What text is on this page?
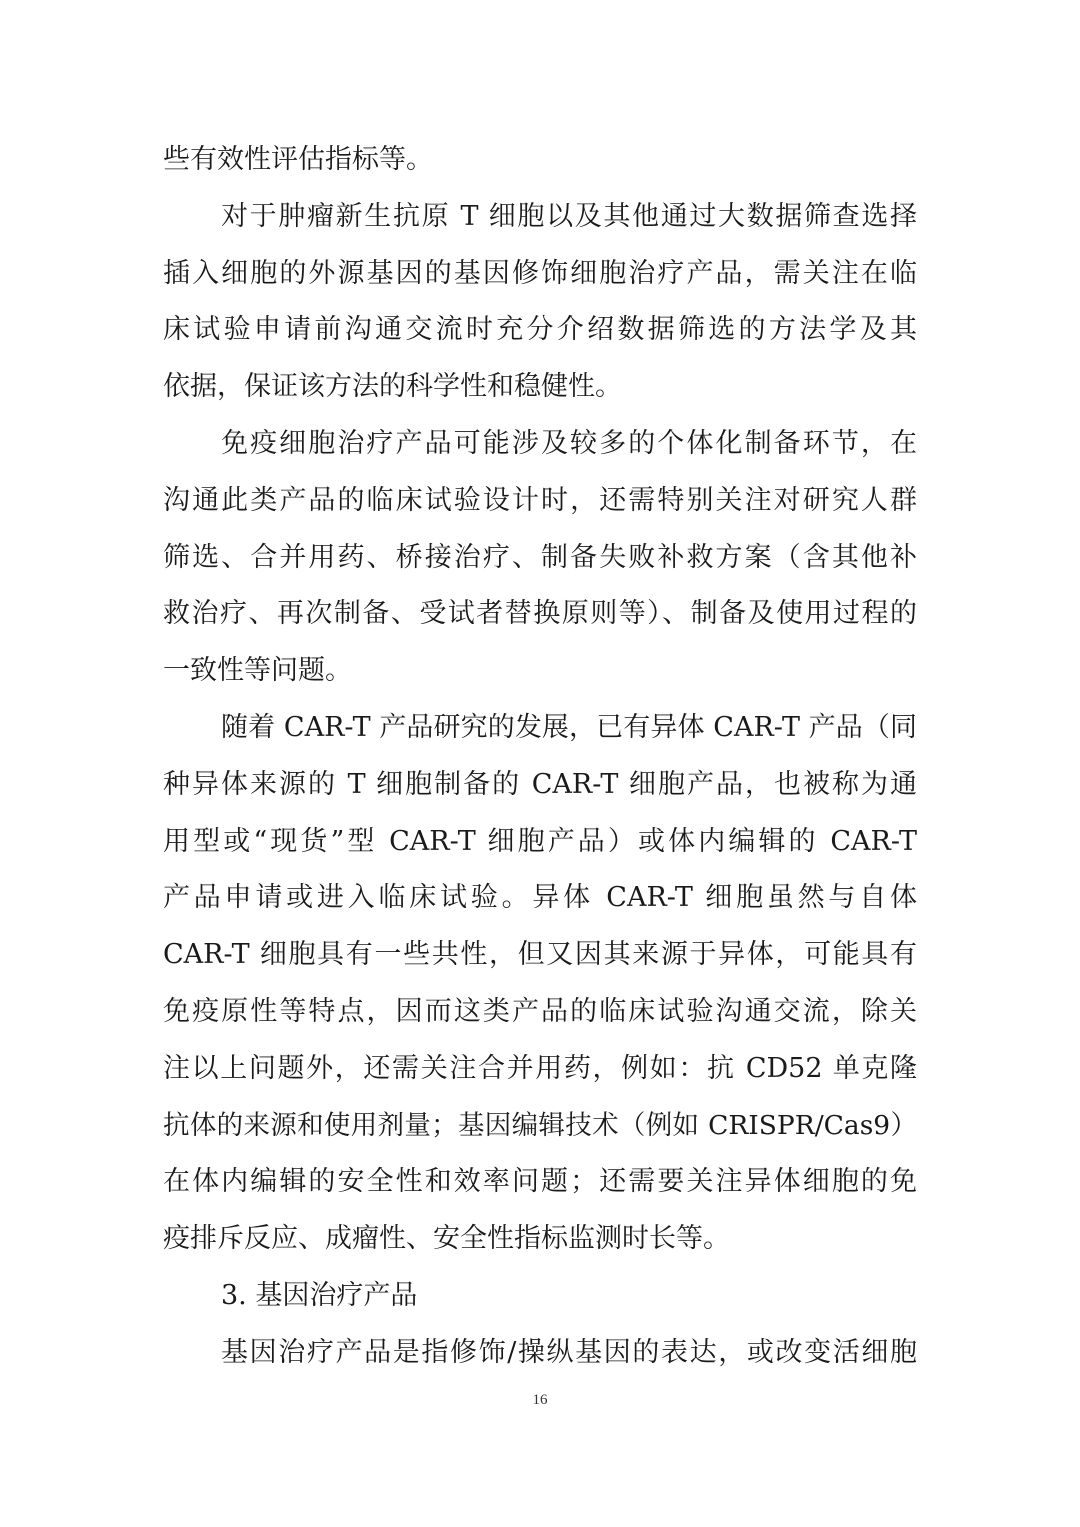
些有效性评估指标等。
对于肿瘤新生抗原 T 细胞以及其他通过大数据筛查选择
插入细胞的外源基因的基因修饰细胞治疗产品，需关注在临
床试验申请前沟通交流时充分介绍数据筛选的方法学及其
依据，保证该方法的科学性和稳健性。
免疫细胞治疗产品可能涉及较多的个体化制备环节，在
沟通此类产品的临床试验设计时，还需特别关注对研究人群
筛选、合并用药、桥接治疗、制备失败补救方案（含其他补
救治疗、再次制备、受试者替换原则等）、制备及使用过程的
一致性等问题。
随着 CAR-T 产品研究的发展，已有异体 CAR-T 产品（同
种异体来源的 T 细胞制备的 CAR-T 细胞产品，也被称为通
用型或“现货”型 CAR-T 细胞产品）或体内编辑的 CAR-T
产品申请或进入临床试验。异体 CAR-T 细胞虽然与自体
CAR-T 细胞具有一些共性，但又因其来源于异体，可能具有
免疫原性等特点，因而这类产品的临床试验沟通交流，除关
注以上问题外，还需关注合并用药，例如：抗 CD52 单克隆
抗体的来源和使用剂量；基因编辑技术（例如 CRISPR/Cas9）
在体内编辑的安全性和效率问题；还需要关注异体细胞的免
疫排斥反应、成瘤性、安全性指标监测时长等。
3. 基因治疗产品
基因治疗产品是指修饰/操纵基因的表达，或改变活细胞
16
